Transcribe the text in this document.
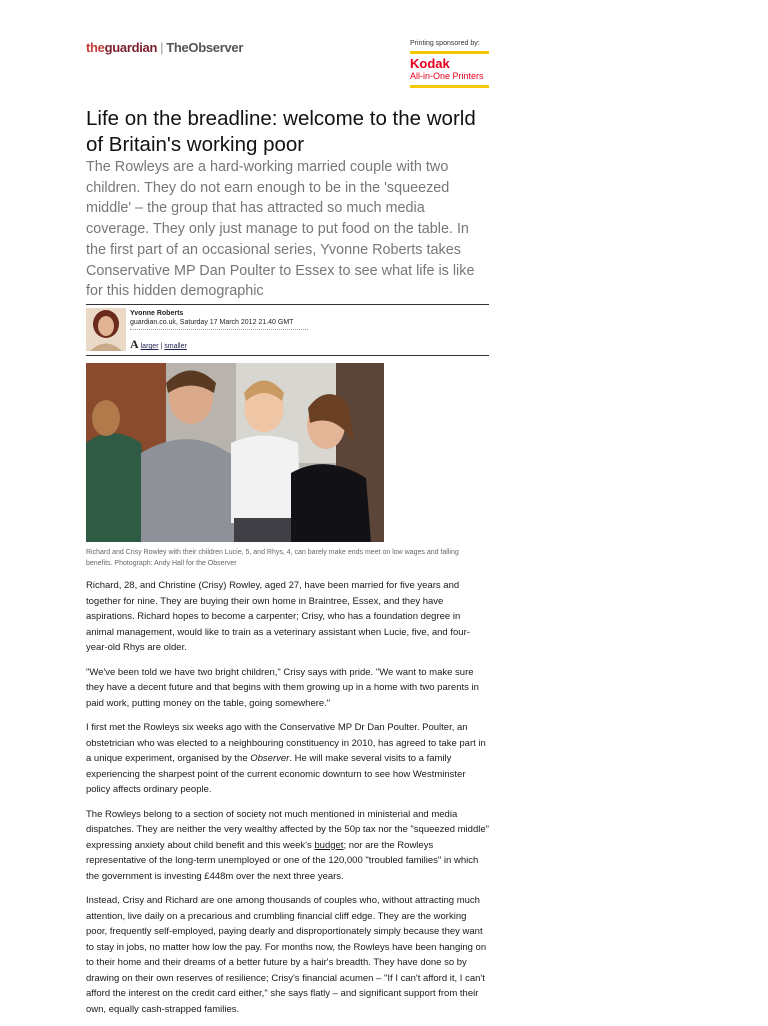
theguardian | TheObserver	Printing sponsored by:
Kodak
All-in-One Printers
Life on the breadline: welcome to the world of Britain's working poor
The Rowleys are a hard-working married couple with two children. They do not earn enough to be in the 'squeezed middle' – the group that has attracted so much media coverage. They only just manage to put food on the table. In the first part of an occasional series, Yvonne Roberts takes Conservative MP Dan Poulter to Essex to see what life is like for this hidden demographic
Yvonne Roberts
guardian.co.uk, Saturday 17 March 2012 21.40 GMT
A larger | smaller
Richard and Crisy Rowley with their children Lucie, 5, and Rhys, 4, can barely make ends meet on low wages and falling benefits. Photograph: Andy Hall for the Observer

Richard, 28, and Christine (Crisy) Rowley, aged 27, have been married for five years and together for nine. They are buying their own home in Braintree, Essex, and they have aspirations. Richard hopes to become a carpenter; Crisy, who has a foundation degree in animal management, would like to train as a veterinary assistant when Lucie, five, and four-year-old Rhys are older.

"We've been told we have two bright children," Crisy says with pride. "We want to make sure they have a decent future and that begins with them growing up in a home with two parents in paid work, putting money on the table, going somewhere."

I first met the Rowleys six weeks ago with the Conservative MP Dr Dan Poulter. Poulter, an obstetrician who was elected to a neighbouring constituency in 2010, has agreed to take part in a unique experiment, organised by the Observer. He will make several visits to a family experiencing the sharpest point of the current economic downturn to see how Westminster policy affects ordinary people.

The Rowleys belong to a section of society not much mentioned in ministerial and media dispatches. They are neither the very wealthy affected by the 50p tax nor the "squeezed middle" expressing anxiety about child benefit and this week's budget; nor are the Rowleys representative of the long-term unemployed or one of the 120,000 "troubled families" in which the government is investing £448m over the next three years.

Instead, Crisy and Richard are one among thousands of couples who, without attracting much attention, live daily on a precarious and crumbling financial cliff edge. They are the working poor, frequently self-employed, paying dearly and disproportionately simply because they want to stay in jobs, no matter how low the pay. For months now, the Rowleys have been hanging on to their home and their dreams of a better future by a hair's breadth. They have done so by drawing on their own reserves of resilience; Crisy's financial acumen – "If I can't afford it, I can't afford the interest on the credit card either," she says flatly – and significant support from their own, equally cash-strapped families.
